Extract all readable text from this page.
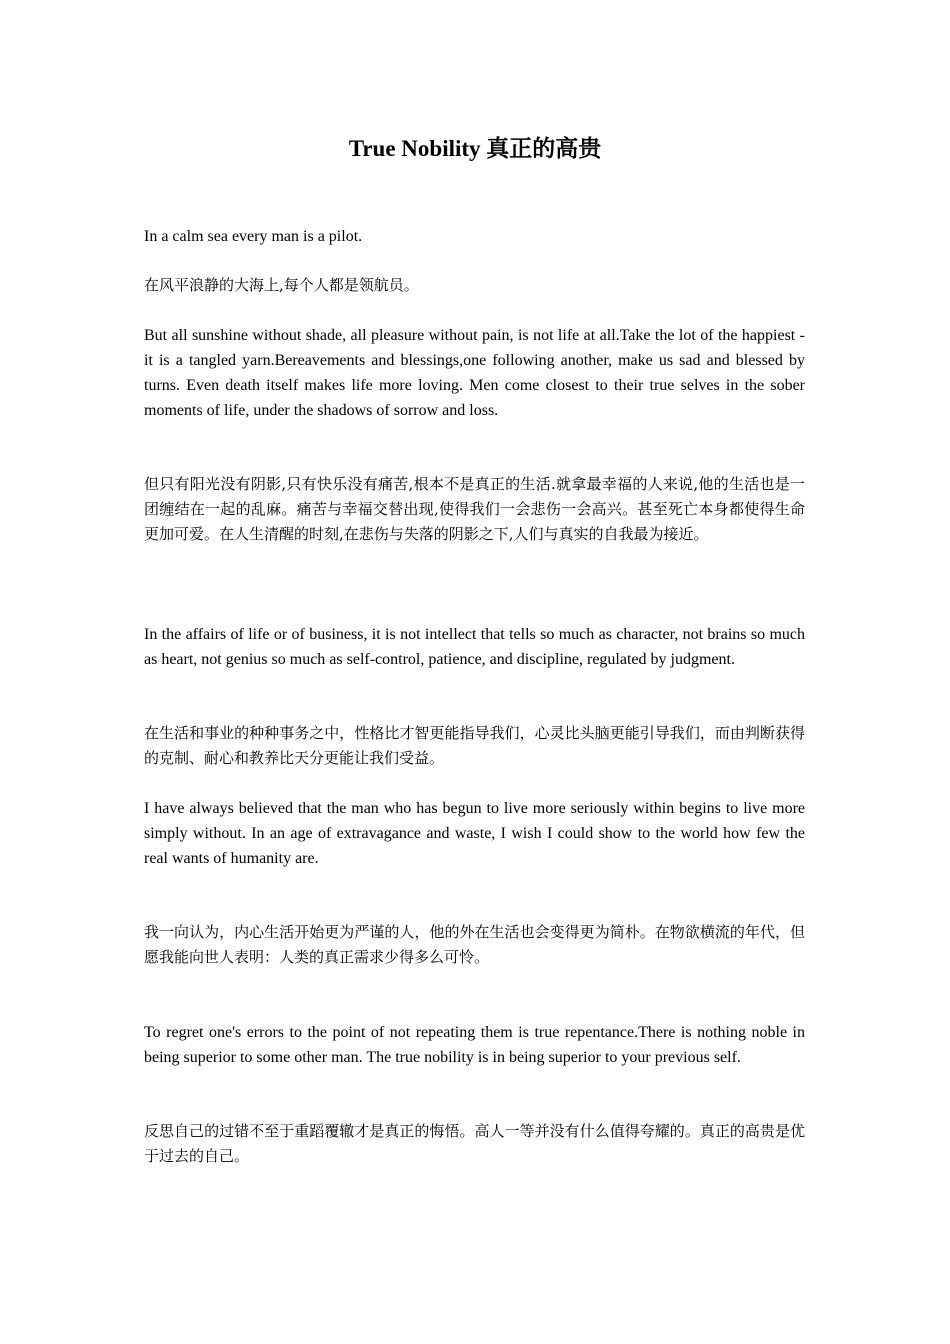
True Nobility 真正的高贵

In a calm sea every man is a pilot.

在风平浪静的大海上,每个人都是领航员。

But all sunshine without shade, all pleasure without pain, is not life at all.Take the lot of the happiest - it is a tangled yarn.Bereavements and blessings,one following another, make us sad and blessed by turns. Even death itself makes life more loving. Men come closest to their true selves in the sober moments of life, under the shadows of sorrow and loss.

但只有阳光没有阴影,只有快乐没有痛苦,根本不是真正的生活.就拿最幸福的人来说,他的生活也是一团缠结在一起的乱麻。痛苦与幸福交替出现,使得我们一会悲伤一会高兴。甚至死亡本身都使得生命更加可爱。在人生清醒的时刻,在悲伤与失落的阴影之下,人们与真实的自我最为接近。

In the affairs of life or of business, it is not intellect that tells so much as character, not brains so much as heart, not genius so much as self-control, patience, and discipline, regulated by judgment.

在生活和事业的种种事务之中，性格比才智更能指导我们，心灵比头脑更能引导我们，而由判断获得的克制、耐心和教养比天分更能让我们受益。

I have always believed that the man who has begun to live more seriously within begins to live more simply without. In an age of extravagance and waste, I wish I could show to the world how few the real wants of humanity are.

我一向认为，内心生活开始更为严谨的人，他的外在生活也会变得更为简朴。在物欲横流的年代，但愿我能向世人表明：人类的真正需求少得多么可怜。

To regret one's errors to the point of not repeating them is true repentance.There is nothing noble in being superior to some other man. The true nobility is in being superior to your previous self.

反思自己的过错不至于重蹈覆辙才是真正的悔悟。高人一等并没有什么值得夸耀的。真正的高贵是优于过去的自己。
